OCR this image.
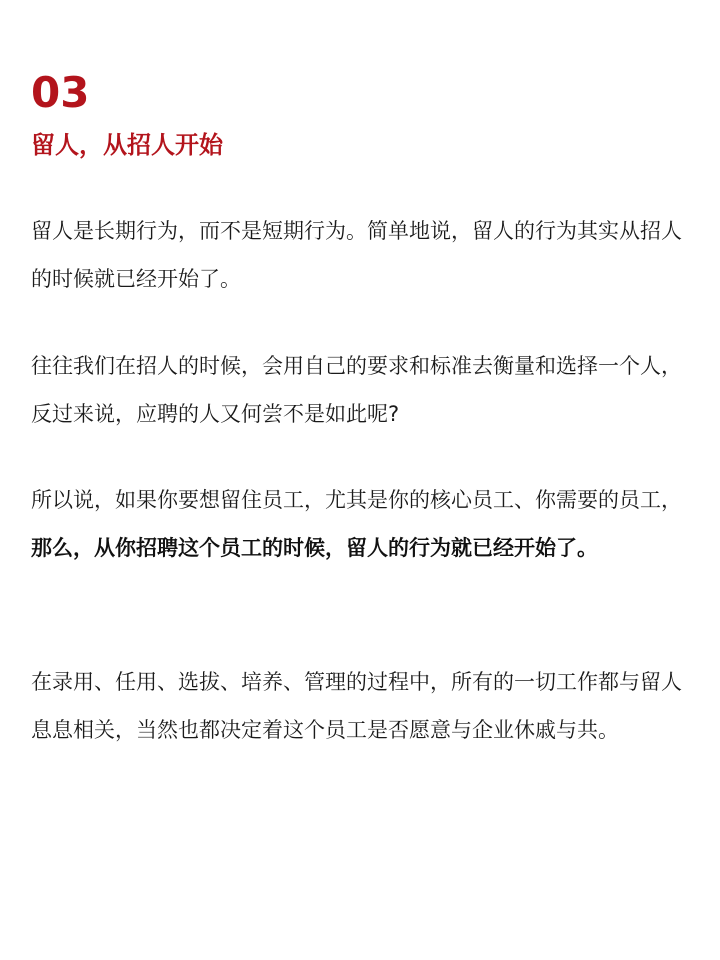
03
留人，从招人开始

留人是长期行为，而不是短期行为。简单地说，留人的行为其实从招人的时候就已经开始了。

往往我们在招人的时候，会用自己的要求和标准去衡量和选择一个人，反过来说，应聘的人又何尝不是如此呢?

所以说，如果你要想留住员工，尤其是你的核心员工、你需要的员工，那么，从你招聘这个员工的时候，留人的行为就已经开始了。

在录用、任用、选拔、培养、管理的过程中，所有的一切工作都与留人息息相关，当然也都决定着这个员工是否愿意与企业休戚与共。
